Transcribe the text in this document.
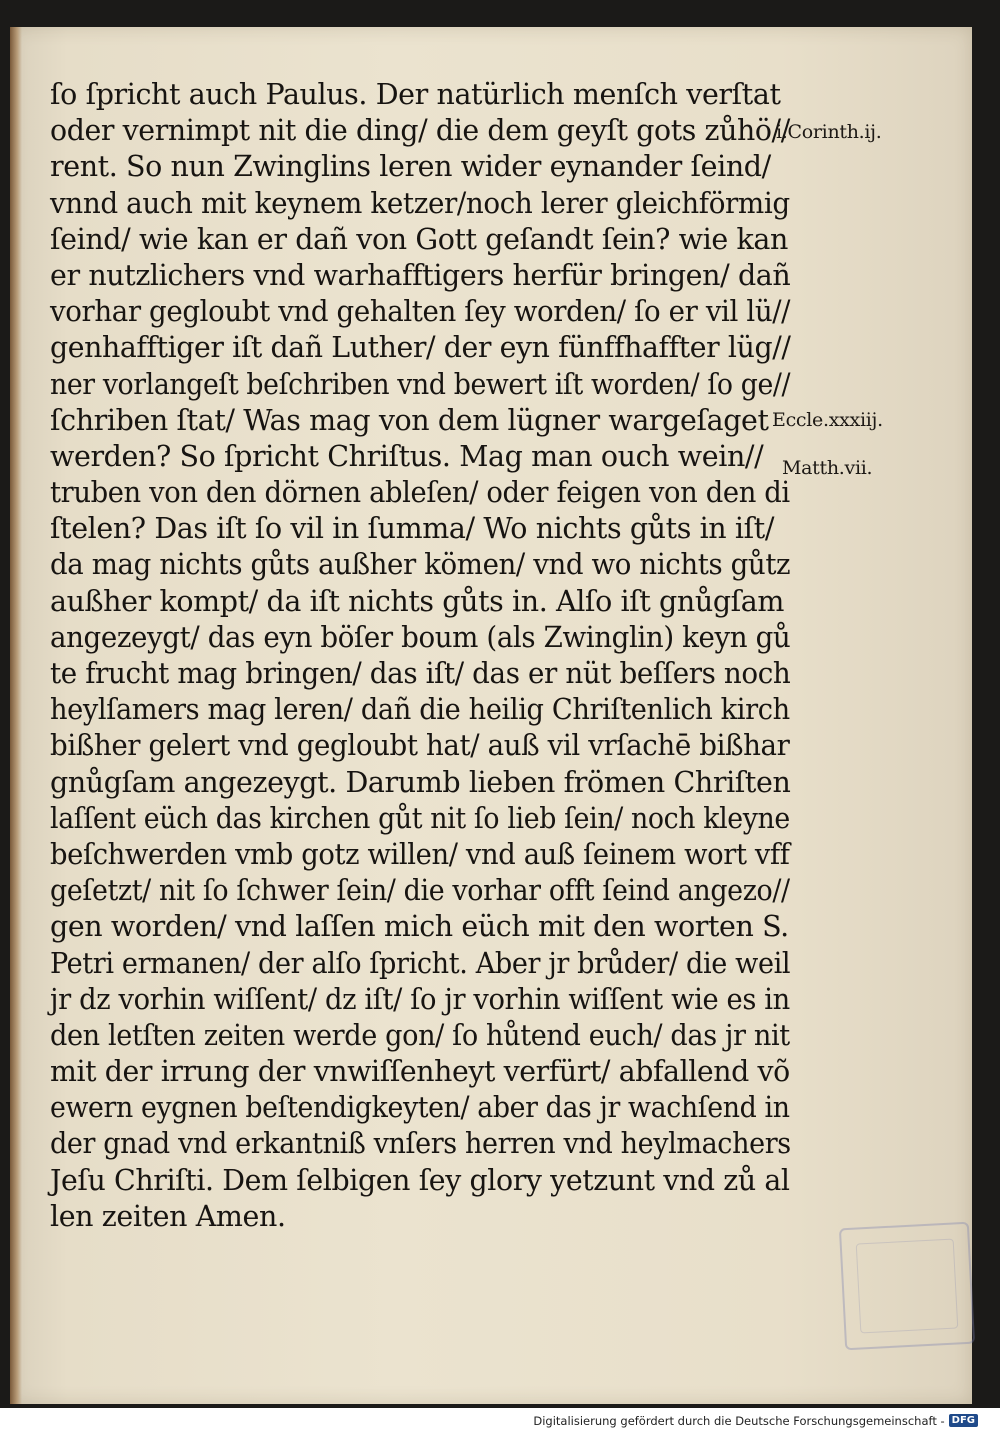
ſo ſpricht auch Paulus. Der natürlich menſch verſtat
oder vernimpt nit die ding/ die dem geyſt gots zůhö//
rent. So nun Zwinglins leren wider eynander ſeind/
vnnd auch mit keynem ketzer/noch lerer gleichförmig
ſeind/ wie kan er dañ von Gott geſandt ſein? wie kan
er nutzlichers vnd warhafftigers herfür bringen/ dañ
vorhar gegloubt vnd gehalten ſey worden/ ſo er vil lü//
genhafftiger iſt dañ Luther/ der eyn fünffhaffter lüg//
ner vorlangeſt beſchriben vnd bewert iſt worden/ ſo ge//
ſchriben ſtat/ Was mag von dem lügner wargeſaget
werden? So ſpricht Chriſtus. Mag man ouch wein//
truben von den dörnen ableſen/ oder feigen von den di
ſtelen? Das iſt ſo vil in ſumma/ Wo nichts gůts in iſt/
da mag nichts gůts außher kömen/ vnd wo nichts gůtz
außher kompt/ da iſt nichts gůts in. Alſo iſt gnůgſam
angezeygt/ das eyn böſer boum (als Zwinglin) keyn gů
te frucht mag bringen/ das iſt/ das er nüt beſſers noch
heylſamers mag leren/ dañ die heilig Chriſtenlich kirch
bißher gelert vnd gegloubt hat/ auß vil vrſachē bißhar
gnůgſam angezeygt. Darumb lieben frömen Chriſten
laſſent eüch das kirchen gůt nit ſo lieb ſein/ noch kleyne
beſchwerden vmb gotz willen/ vnd auß ſeinem wort vff
geſetzt/ nit ſo ſchwer ſein/ die vorhar offt ſeind angezo//
gen worden/ vnd laſſen mich eüch mit den worten S.
Petri ermanen/ der alſo ſpricht. Aber jr brůder/ die weil
jr dz vorhin wiſſent/ dz iſt/ ſo jr vorhin wiſſent wie es in
den letſten zeiten werde gon/ ſo hůtend euch/ das jr nit
mit der irrung der vnwiſſenheyt verfürt/ abfallend võ
ewern eygnen beſtendigkeyten/ aber das jr wachſend in
der gnad vnd erkantniß vnſers herren vnd heylmachers
Jeſu Chriſti. Dem ſelbigen ſey glory yetzunt vnd zů al
len zeiten Amen.
i.Corinth.ij.
Eccle.xxxiij.
Matth.vii.
Digitalisierung gefördert durch die Deutsche Forschungsgemeinschaft - DFG
